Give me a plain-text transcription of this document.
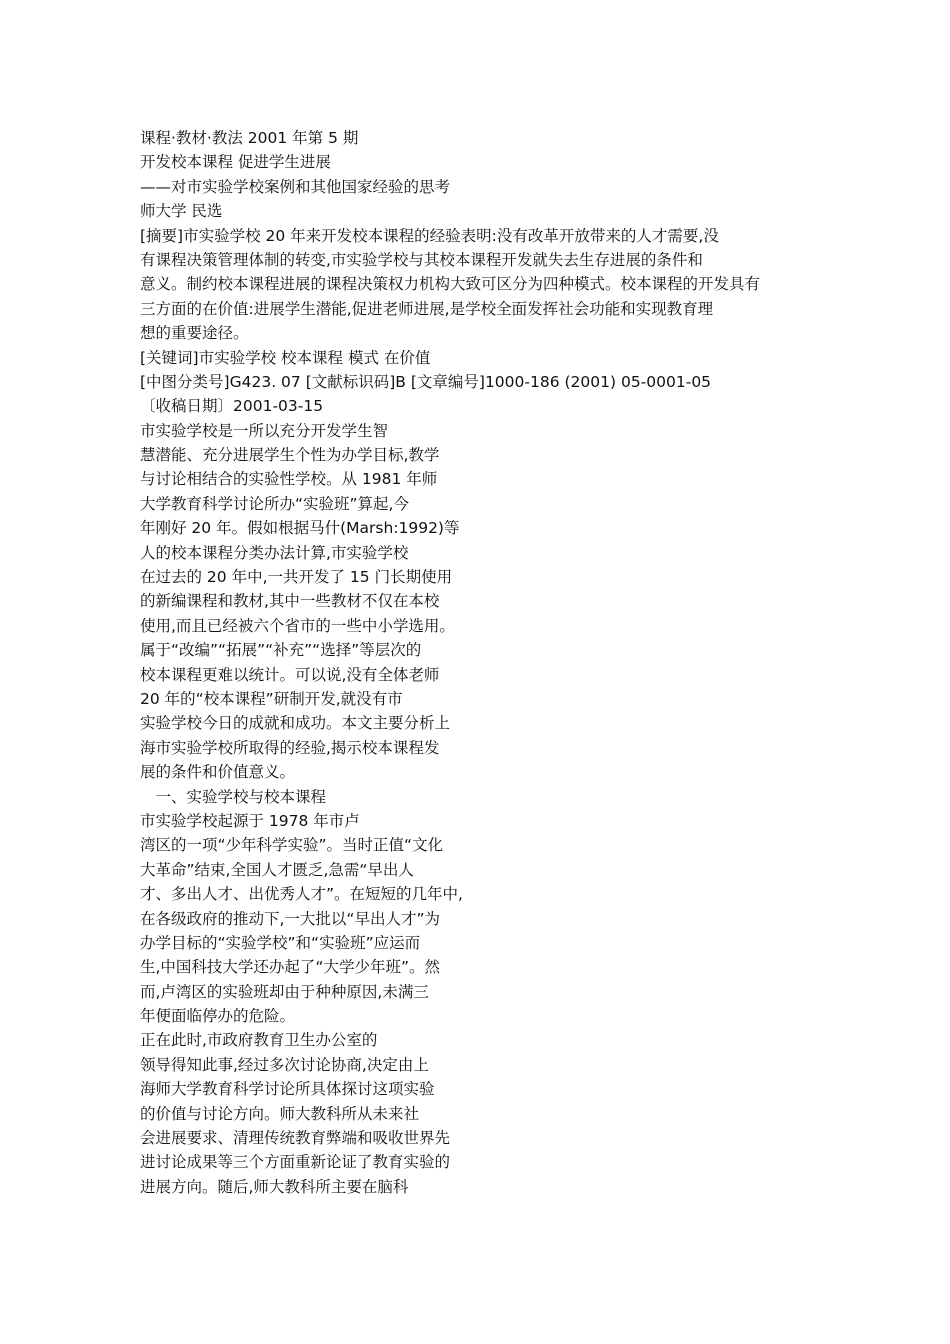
课程·教材·教法 2001 年第 5 期
开发校本课程 促进学生进展
——对市实验学校案例和其他国家经验的思考
师大学 民选
[摘要]市实验学校 20 年来开发校本课程的经验表明:没有改革开放带来的人才需要,没
有课程决策管理体制的转变,市实验学校与其校本课程开发就失去生存进展的条件和
意义。制约校本课程进展的课程决策权力机构大致可区分为四种模式。校本课程的开发具有
三方面的在价值:进展学生潜能,促进老师进展,是学校全面发挥社会功能和实现教育理
想的重要途径。
[关键词]市实验学校 校本课程 模式 在价值
[中图分类号]G423. 07 [文献标识码]B [文章编号]1000-186 (2001) 05-0001-05
〔收稿日期〕2001-03-15
市实验学校是一所以充分开发学生智
慧潜能、充分进展学生个性为办学目标,教学
与讨论相结合的实验性学校。从 1981 年师
大学教育科学讨论所办“实验班”算起,今
年刚好 20 年。假如根据马什(Marsh:1992)等
人的校本课程分类办法计算,市实验学校
在过去的 20 年中,一共开发了 15 门长期使用
的新编课程和教材,其中一些教材不仅在本校
使用,而且已经被六个省市的一些中小学选用。
属于“改编”“拓展”“补充”“选择”等层次的
校本课程更难以统计。可以说,没有全体老师
20 年的“校本课程”研制开发,就没有市
实验学校今日的成就和成功。本文主要分析上
海市实验学校所取得的经验,揭示校本课程发
展的条件和价值意义。
　一、实验学校与校本课程
市实验学校起源于 1978 年市卢
湾区的一项“少年科学实验”。当时正值“文化
大革命”结束,全国人才匮乏,急需“早出人
才、多出人才、出优秀人才”。在短短的几年中,
在各级政府的推动下,一大批以“早出人才”为
办学目标的“实验学校”和“实验班”应运而
生,中国科技大学还办起了“大学少年班”。然
而,卢湾区的实验班却由于种种原因,未满三
年便面临停办的危险。
正在此时,市政府教育卫生办公室的
领导得知此事,经过多次讨论协商,决定由上
海师大学教育科学讨论所具体探讨这项实验
的价值与讨论方向。师大教科所从未来社
会进展要求、清理传统教育弊端和吸收世界先
进讨论成果等三个方面重新论证了教育实验的
进展方向。随后,师大教科所主要在脑科
